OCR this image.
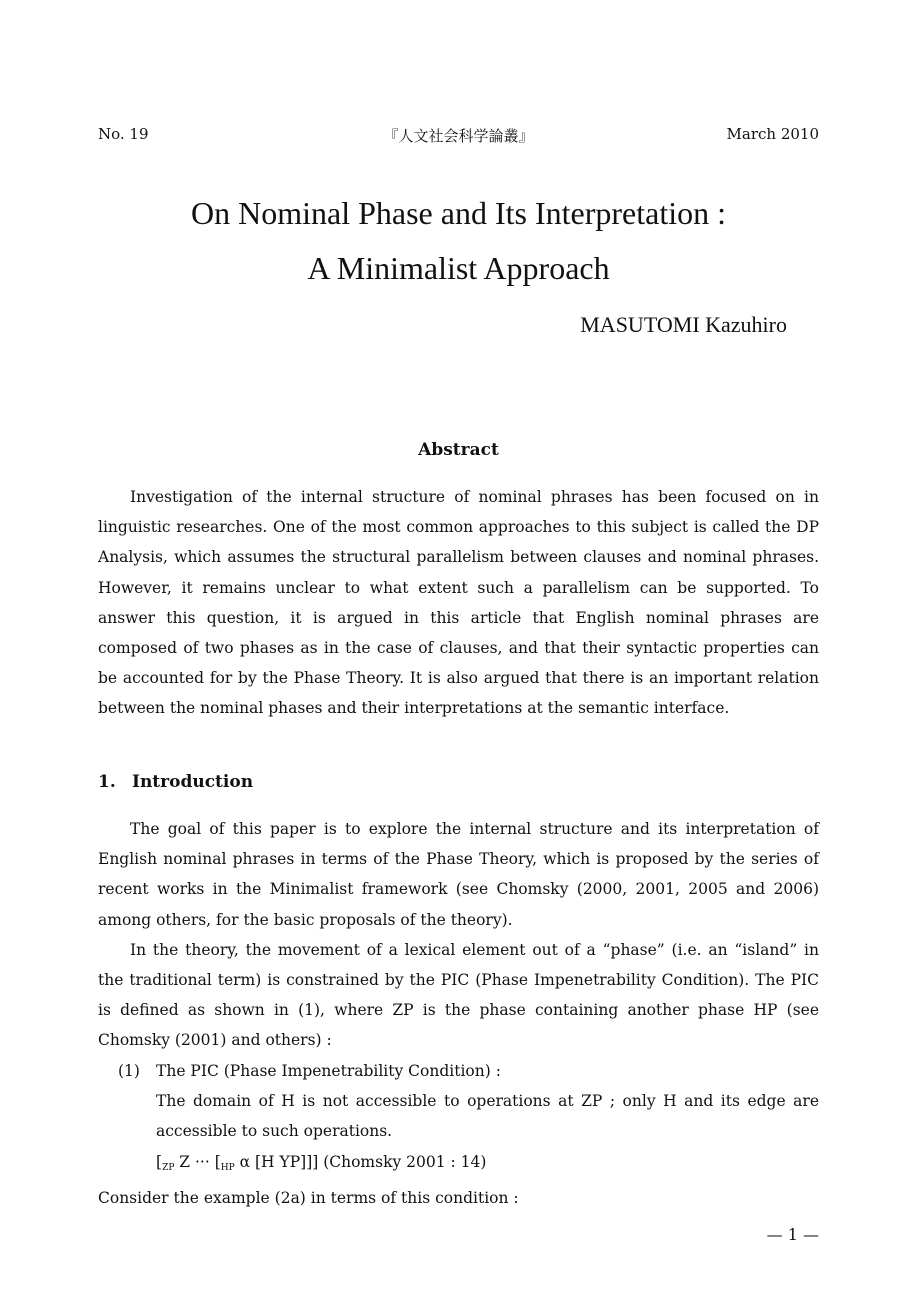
No. 19	『人文社会科学論叢』	March 2010
On Nominal Phase and Its Interpretation :
A Minimalist Approach
MASUTOMI Kazuhiro
Abstract

Investigation of the internal structure of nominal phrases has been focused on in linguistic researches. One of the most common approaches to this subject is called the DP Analysis, which assumes the structural parallelism between clauses and nominal phrases. However, it remains unclear to what extent such a parallelism can be supported. To answer this question, it is argued in this article that English nominal phrases are composed of two phases as in the case of clauses, and that their syntactic properties can be accounted for by the Phase Theory. It is also argued that there is an important relation between the nominal phases and their interpretations at the semantic interface.

1. Introduction

The goal of this paper is to explore the internal structure and its interpretation of English nominal phrases in terms of the Phase Theory, which is proposed by the series of recent works in the Minimalist framework (see Chomsky (2000, 2001, 2005 and 2006) among others, for the basic proposals of the theory).

In the theory, the movement of a lexical element out of a “phase” (i.e. an “island” in the traditional term) is constrained by the PIC (Phase Impenetrability Condition). The PIC is defined as shown in (1), where ZP is the phase containing another phase HP (see Chomsky (2001) and others) :

(1) The PIC (Phase Impenetrability Condition) :
The domain of H is not accessible to operations at ZP ; only H and its edge are accessible to such operations.
[$_{ZP}$ Z ··· [$_{HP}$ α [H YP]]] (Chomsky 2001 : 14)
Consider the example (2a) in terms of this condition :
— 1 —
